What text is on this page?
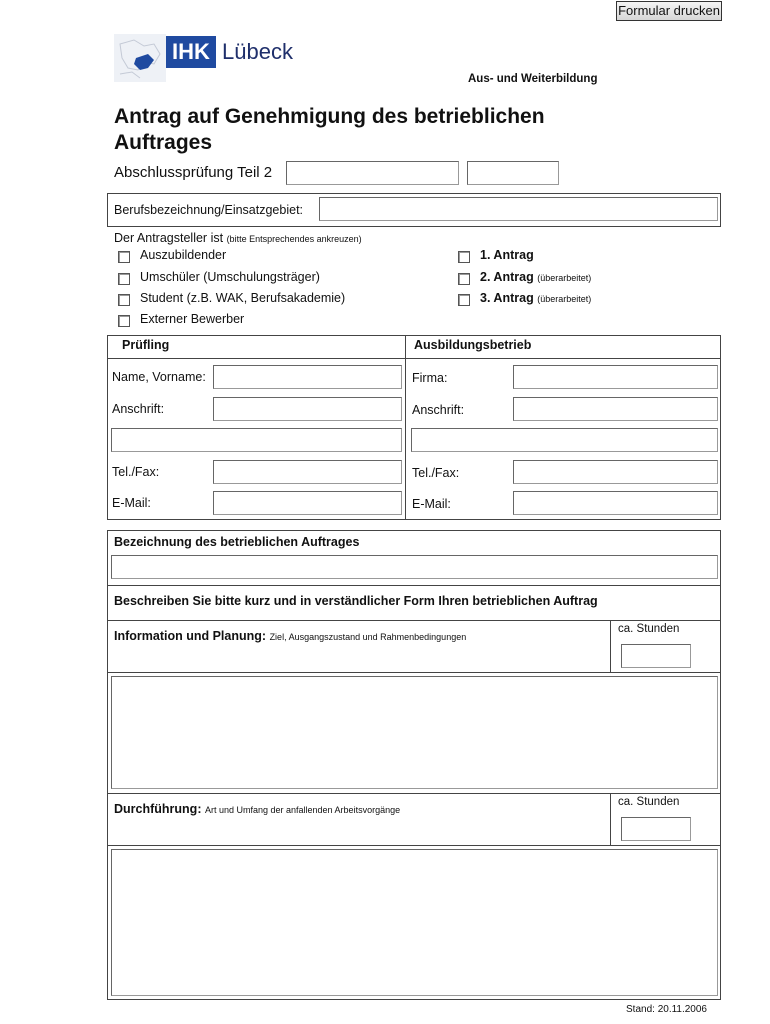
Formular drucken
IHK Lübeck
Aus- und Weiterbildung
Antrag auf Genehmigung des betrieblichen Auftrages
Abschlussprüfung Teil 2
Berufsbezeichnung/Einsatzgebiet:
Der Antragsteller ist (bitte Entsprechendes ankreuzen)
Auszubildender
Umschüler (Umschulungsträger)
Student (z.B. WAK, Berufsakademie)
Externer Bewerber
1. Antrag
2. Antrag (überarbeitet)
3. Antrag (überarbeitet)
Prüfling	Ausbildungsbetrieb
Name, Vorname:
Anschrift:
Tel./Fax:
E-Mail:
Firma:
Anschrift:
Tel./Fax:
E-Mail:
Bezeichnung des betrieblichen Auftrages
Beschreiben Sie bitte kurz und in verständlicher Form Ihren betrieblichen Auftrag
Information und Planung: Ziel, Ausgangszustand und Rahmenbedingungen
ca. Stunden
Durchführung: Art und Umfang der anfallenden Arbeitsvorgänge
ca. Stunden
Stand: 20.11.2006
